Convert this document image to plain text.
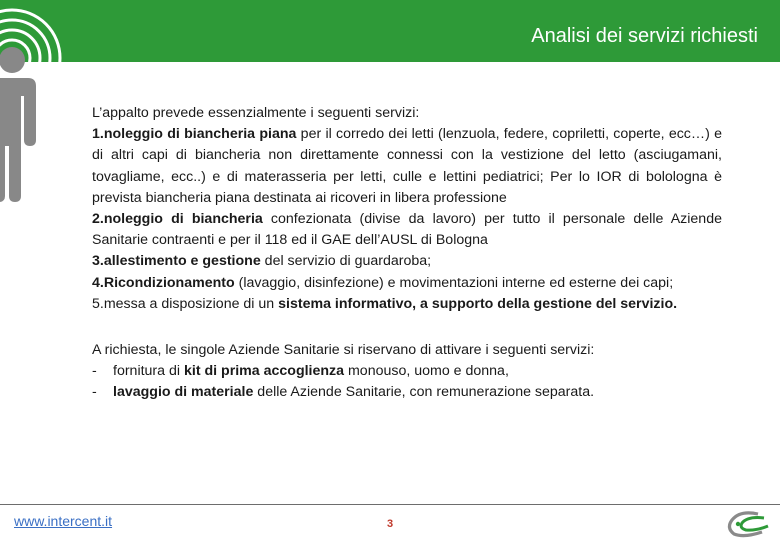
Analisi dei servizi richiesti

L’appalto prevede essenzialmente i seguenti servizi:

1.noleggio di biancheria piana per il corredo dei letti (lenzuola, federe, copriletti, coperte, ecc…) e di altri capi di biancheria non direttamente connessi con la vestizione del letto (asciugamani, tovagliame, ecc..) e di materasseria per letti, culle e lettini pediatrici; Per lo IOR di bolologna è prevista biancheria piana destinata ai ricoveri in libera professione

2.noleggio di biancheria confezionata (divise da lavoro) per tutto il personale delle Aziende Sanitarie contraenti e per il 118 ed il GAE dell’AUSL di Bologna

3.allestimento e gestione del servizio di guardaroba;

4.Ricondizionamento (lavaggio, disinfezione) e movimentazioni interne ed esterne dei capi;

5.messa a disposizione di un sistema informativo, a supporto della gestione del servizio.

A richiesta, le singole Aziende Sanitarie si riservano di attivare i seguenti servizi:

-	fornitura di kit di prima accoglienza monouso, uomo e donna,
-	lavaggio di materiale delle Aziende Sanitarie, con remunerazione separata.
www.intercent.it	3
